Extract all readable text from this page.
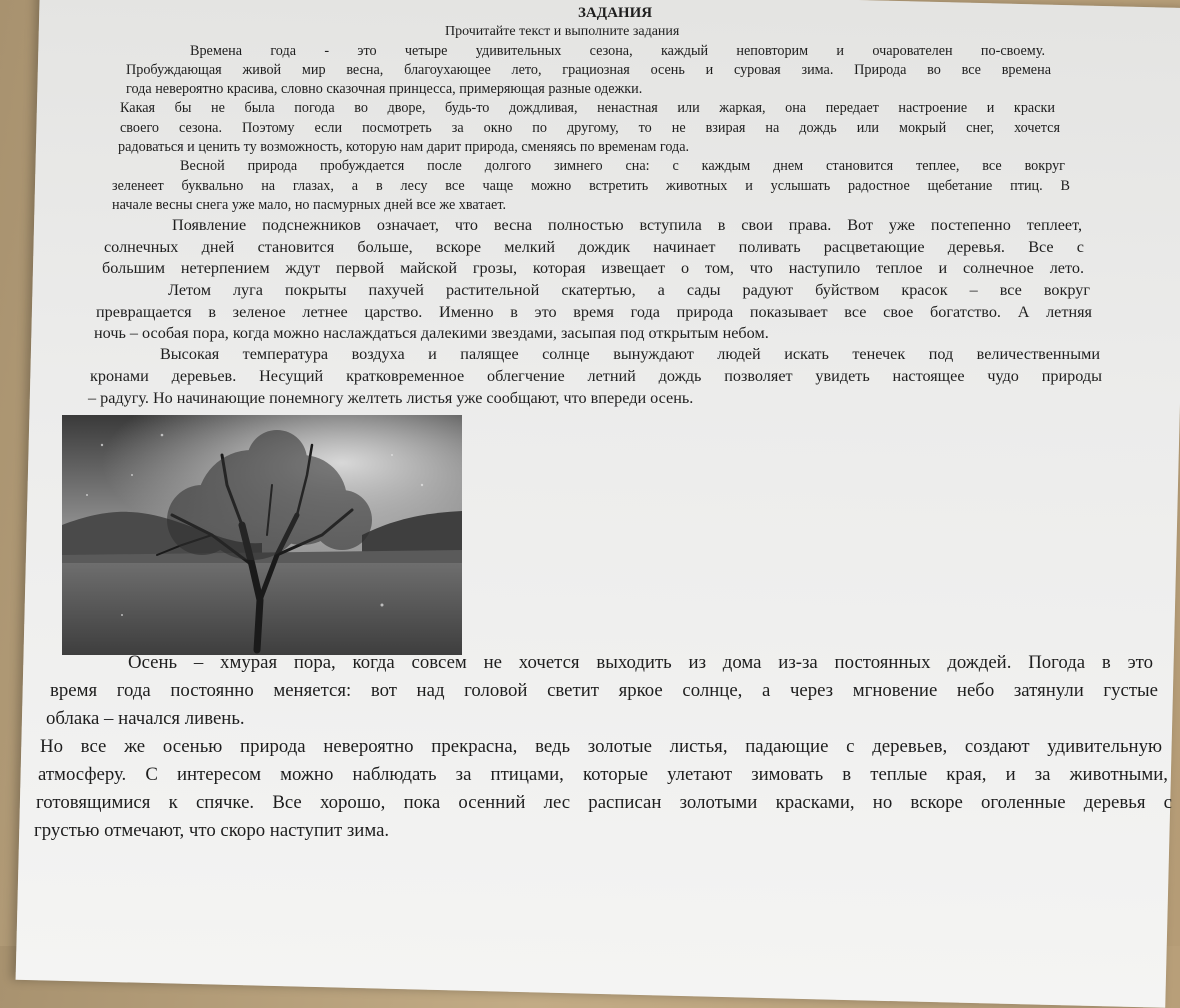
ЗАДАНИЯ
Прочитайте текст и выполните задания
Времена года - это четыре удивительных сезона, каждый неповторим и очарователен по-своему.
Пробуждающая живой мир весна, благоухающее лето, грациозная осень и суровая зима. Природа во все времена
года невероятно красива, словно сказочная принцесса, примеряющая разные одежки.
Какая бы не была погода во дворе, будь-то дождливая, ненастная или жаркая, она передает настроение и краски
своего сезона. Поэтому если посмотреть за окно по другому, то не взирая на дождь или мокрый снег, хочется
радоваться и ценить ту возможность, которую нам дарит природа, сменяясь по временам года.
Весной природа пробуждается после долгого зимнего сна: с каждым днем становится теплее, все вокруг
зеленеет буквально на глазах, а в лесу все чаще можно встретить животных и услышать радостное щебетание птиц. В
начале весны снега уже мало, но пасмурных дней все же хватает.
Появление подснежников означает, что весна полностью вступила в свои права. Вот уже постепенно теплеет,
солнечных дней становится больше, вскоре мелкий дождик начинает поливать расцветающие деревья. Все с
большим нетерпением ждут первой майской грозы, которая извещает о том, что наступило теплое и солнечное лето.
Летом луга покрыты пахучей растительной скатертью, а сады радуют буйством красок – все вокруг
превращается в зеленое летнее царство. Именно в это время года природа показывает все свое богатство. А летняя
ночь – особая пора, когда можно наслаждаться далекими звездами, засыпая под открытым небом.
Высокая температура воздуха и палящее солнце вынуждают людей искать тенечек под величественными
кронами деревьев. Несущий кратковременное облегчение летний дождь позволяет увидеть настоящее чудо природы
– радугу. Но начинающие понемногу желтеть листья уже сообщают, что впереди осень.
Осень – хмурая пора, когда совсем не хочется выходить из дома из-за постоянных дождей. Погода в это
время года постоянно меняется: вот над головой светит яркое солнце, а через мгновение небо затянули густые
облака – начался ливень.
Но все же осенью природа невероятно прекрасна, ведь золотые листья, падающие с деревьев, создают удивительную
атмосферу. С интересом можно наблюдать за птицами, которые улетают зимовать в теплые края, и за животными,
готовящимися к спячке. Все хорошо, пока осенний лес расписан золотыми красками, но вскоре оголенные деревья с
грустью отмечают, что скоро наступит зима.
